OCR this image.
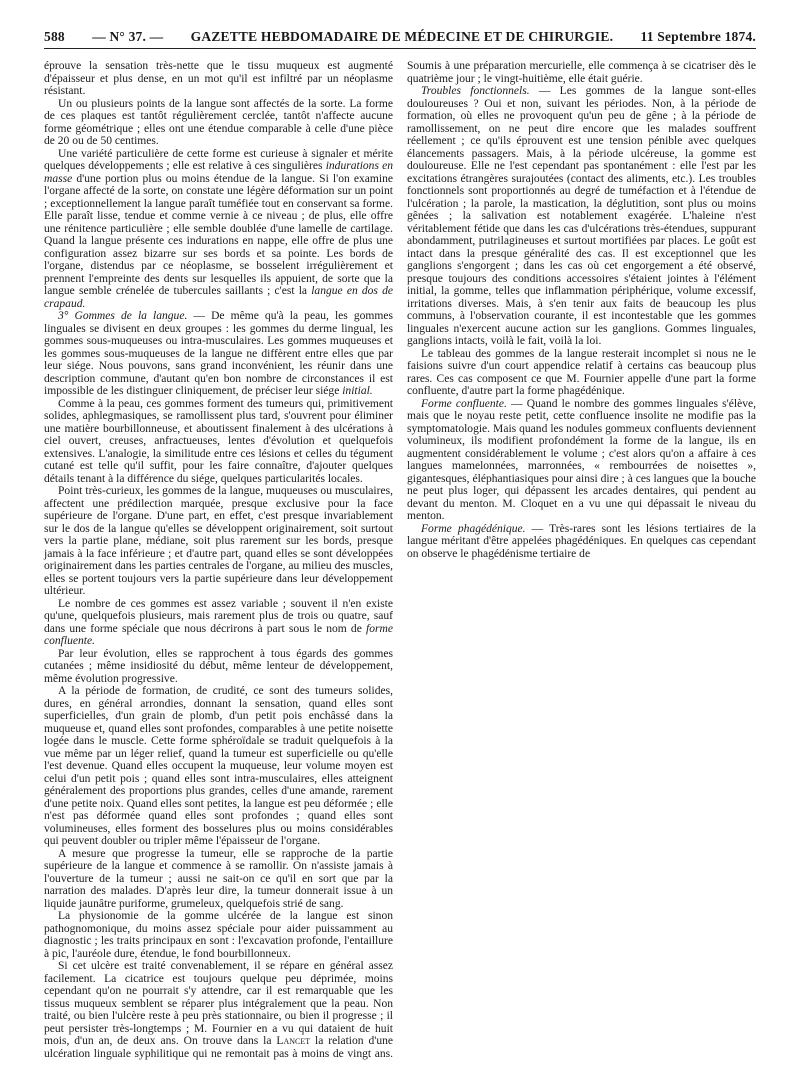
588 — N° 37. — GAZETTE HEBDOMADAIRE DE MÉDECINE ET DE CHIRURGIE. 11 Septembre 1874.

éprouve la sensation très-nette que le tissu muqueux est augmenté d'épaisseur et plus dense, en un mot qu'il est infiltré par un néoplasme résistant.

Un ou plusieurs points de la langue sont affectés de la sorte. La forme de ces plaques est tantôt régulièrement cerclée, tantôt n'affecte aucune forme géométrique ; elles ont une étendue comparable à celle d'une pièce de 20 ou de 50 centimes.

Une variété particulière de cette forme est curieuse à signaler et mérite quelques développements ; elle est relative à ces singulières indurations en masse d'une portion plus ou moins étendue de la langue. Si l'on examine l'organe affecté de la sorte, on constate une légère déformation sur un point ; exceptionnellement la langue paraît tuméfiée tout en conservant sa forme. Elle paraît lisse, tendue et comme vernie à ce niveau ; de plus, elle offre une rénitence particulière ; elle semble doublée d'une lamelle de cartilage. Quand la langue présente ces indurations en nappe, elle offre de plus une configuration assez bizarre sur ses bords et sa pointe. Les bords de l'organe, distendus par ce néoplasme, se bosselent irrégulièrement et prennent l'empreinte des dents sur lesquelles ils appuient, de sorte que la langue semble crénelée de tubercules saillants ; c'est la langue en dos de crapaud.

3° Gommes de la langue. — De même qu'à la peau, les gommes linguales se divisent en deux groupes : les gommes du derme lingual, les gommes sous-muqueuses ou intra-musculaires. Les gommes muqueuses et les gommes sous-muqueuses de la langue ne diffèrent entre elles que par leur siége. Nous pouvons, sans grand inconvénient, les réunir dans une description commune, d'autant qu'en bon nombre de circonstances il est impossible de les distinguer cliniquement, de préciser leur siége initial.

Comme à la peau, ces gommes forment des tumeurs qui, primitivement solides, aphlegmasiques, se ramollissent plus tard, s'ouvrent pour éliminer une matière bourbillonneuse, et aboutissent finalement à des ulcérations à ciel ouvert, creuses, anfractueuses, lentes d'évolution et quelquefois extensives. L'analogie, la similitude entre ces lésions et celles du tégument cutané est telle qu'il suffit, pour les faire connaître, d'ajouter quelques détails tenant à la différence du siége, quelques particularités locales.

Point très-curieux, les gommes de la langue, muqueuses ou musculaires, affectent une prédilection marquée, presque exclusive pour la face supérieure de l'organe. D'une part, en effet, c'est presque invariablement sur le dos de la langue qu'elles se développent originairement, soit surtout vers la partie plane, médiane, soit plus rarement sur les bords, presque jamais à la face inférieure ; et d'autre part, quand elles se sont développées originairement dans les parties centrales de l'organe, au milieu des muscles, elles se portent toujours vers la partie supérieure dans leur développement ultérieur.

Le nombre de ces gommes est assez variable ; souvent il n'en existe qu'une, quelquefois plusieurs, mais rarement plus de trois ou quatre, sauf dans une forme spéciale que nous décrirons à part sous le nom de forme confluente.

Par leur évolution, elles se rapprochent à tous égards des gommes cutanées ; même insidiosité du début, même lenteur de développement, même évolution progressive.

A la période de formation, de crudité, ce sont des tumeurs solides, dures, en général arrondies, donnant la sensation, quand elles sont superficielles, d'un grain de plomb, d'un petit pois enchâssé dans la muqueuse et, quand elles sont profondes, comparables à une petite noisette logée dans le muscle. Cette forme sphéroïdale se traduit quelquefois à la vue même par un léger relief, quand la tumeur est superficielle ou qu'elle l'est devenue. Quand elles occupent la muqueuse, leur volume moyen est celui d'un petit pois ; quand elles sont intra-musculaires, elles atteignent généralement des proportions plus grandes, celles d'une amande, rarement d'une petite noix. Quand elles sont petites, la langue est peu déformée ; elle n'est pas déformée quand elles sont profondes ; quand elles sont volumineuses, elles forment des bosselures plus ou moins considérables qui peuvent doubler ou tripler même l'épaisseur de l'organe.

A mesure que progresse la tumeur, elle se rapproche de la partie supérieure de la langue et commence à se ramollir. On n'assiste jamais à l'ouverture de la tumeur ; aussi ne sait-on ce qu'il en sort que par la narration des malades. D'après leur dire, la tumeur donnerait issue à un liquide jaunâtre puriforme, grumeleux, quelquefois strié de sang.

La physionomie de la gomme ulcérée de la langue est sinon pathognomonique, du moins assez spéciale pour aider puissamment au diagnostic ; les traits principaux en sont : l'excavation profonde, l'entaillure à pic, l'auréole dure, étendue, le fond bourbillonneux.

Si cet ulcère est traité convenablement, il se répare en général assez facilement. La cicatrice est toujours quelque peu déprimée, moins cependant qu'on ne pourrait s'y attendre, car il est remarquable que les tissus muqueux semblent se réparer plus intégralement que la peau. Non traité, ou bien l'ulcère reste à peu près stationnaire, ou bien il progresse ; il peut persister très-longtemps ; M. Fournier en a vu qui dataient de huit mois, d'un an, de deux ans. On trouve dans la Lancet la relation d'une ulcération linguale syphilitique qui ne remontait pas à moins de vingt ans. Soumis à une préparation mercurielle, elle commença à se cicatriser dès le quatrième jour ; le vingt-huitième, elle était guérie.

Troubles fonctionnels. — Les gommes de la langue sont-elles douloureuses ? Oui et non, suivant les périodes. Non, à la période de formation, où elles ne provoquent qu'un peu de gêne ; à la période de ramollissement, on ne peut dire encore que les malades souffrent réellement ; ce qu'ils éprouvent est une tension pénible avec quelques élancements passagers. Mais, à la période ulcéreuse, la gomme est douloureuse. Elle ne l'est cependant pas spontanément : elle l'est par les excitations étrangères surajoutées (contact des aliments, etc.). Les troubles fonctionnels sont proportionnés au degré de tuméfaction et à l'étendue de l'ulcération ; la parole, la mastication, la déglutition, sont plus ou moins gênées ; la salivation est notablement exagérée. L'haleine n'est véritablement fétide que dans les cas d'ulcérations très-étendues, suppurant abondamment, putrilagineuses et surtout mortifiées par places. Le goût est intact dans la presque généralité des cas. Il est exceptionnel que les ganglions s'engorgent ; dans les cas où cet engorgement a été observé, presque toujours des conditions accessoires s'étaient jointes à l'élément initial, la gomme, telles que inflammation périphérique, volume excessif, irritations diverses. Mais, à s'en tenir aux faits de beaucoup les plus communs, à l'observation courante, il est incontestable que les gommes linguales n'exercent aucune action sur les ganglions. Gommes linguales, ganglions intacts, voilà le fait, voilà la loi.

Le tableau des gommes de la langue resterait incomplet si nous ne le faisions suivre d'un court appendice relatif à certains cas beaucoup plus rares. Ces cas composent ce que M. Fournier appelle d'une part la forme confluente, d'autre part la forme phagédénique.

Forme confluente. — Quand le nombre des gommes linguales s'élève, mais que le noyau reste petit, cette confluence insolite ne modifie pas la symptomatologie. Mais quand les nodules gommeux confluents deviennent volumineux, ils modifient profondément la forme de la langue, ils en augmentent considérablement le volume ; c'est alors qu'on a affaire à ces langues mamelonnées, marronnées, « rembourrées de noisettes », gigantesques, éléphantiasiques pour ainsi dire ; à ces langues que la bouche ne peut plus loger, qui dépassent les arcades dentaires, qui pendent au devant du menton. M. Cloquet en a vu une qui dépassait le niveau du menton.

Forme phagédénique. — Très-rares sont les lésions tertiaires de la langue méritant d'être appelées phagédéniques. En quelques cas cependant on observe le phagédénisme tertiaire de
